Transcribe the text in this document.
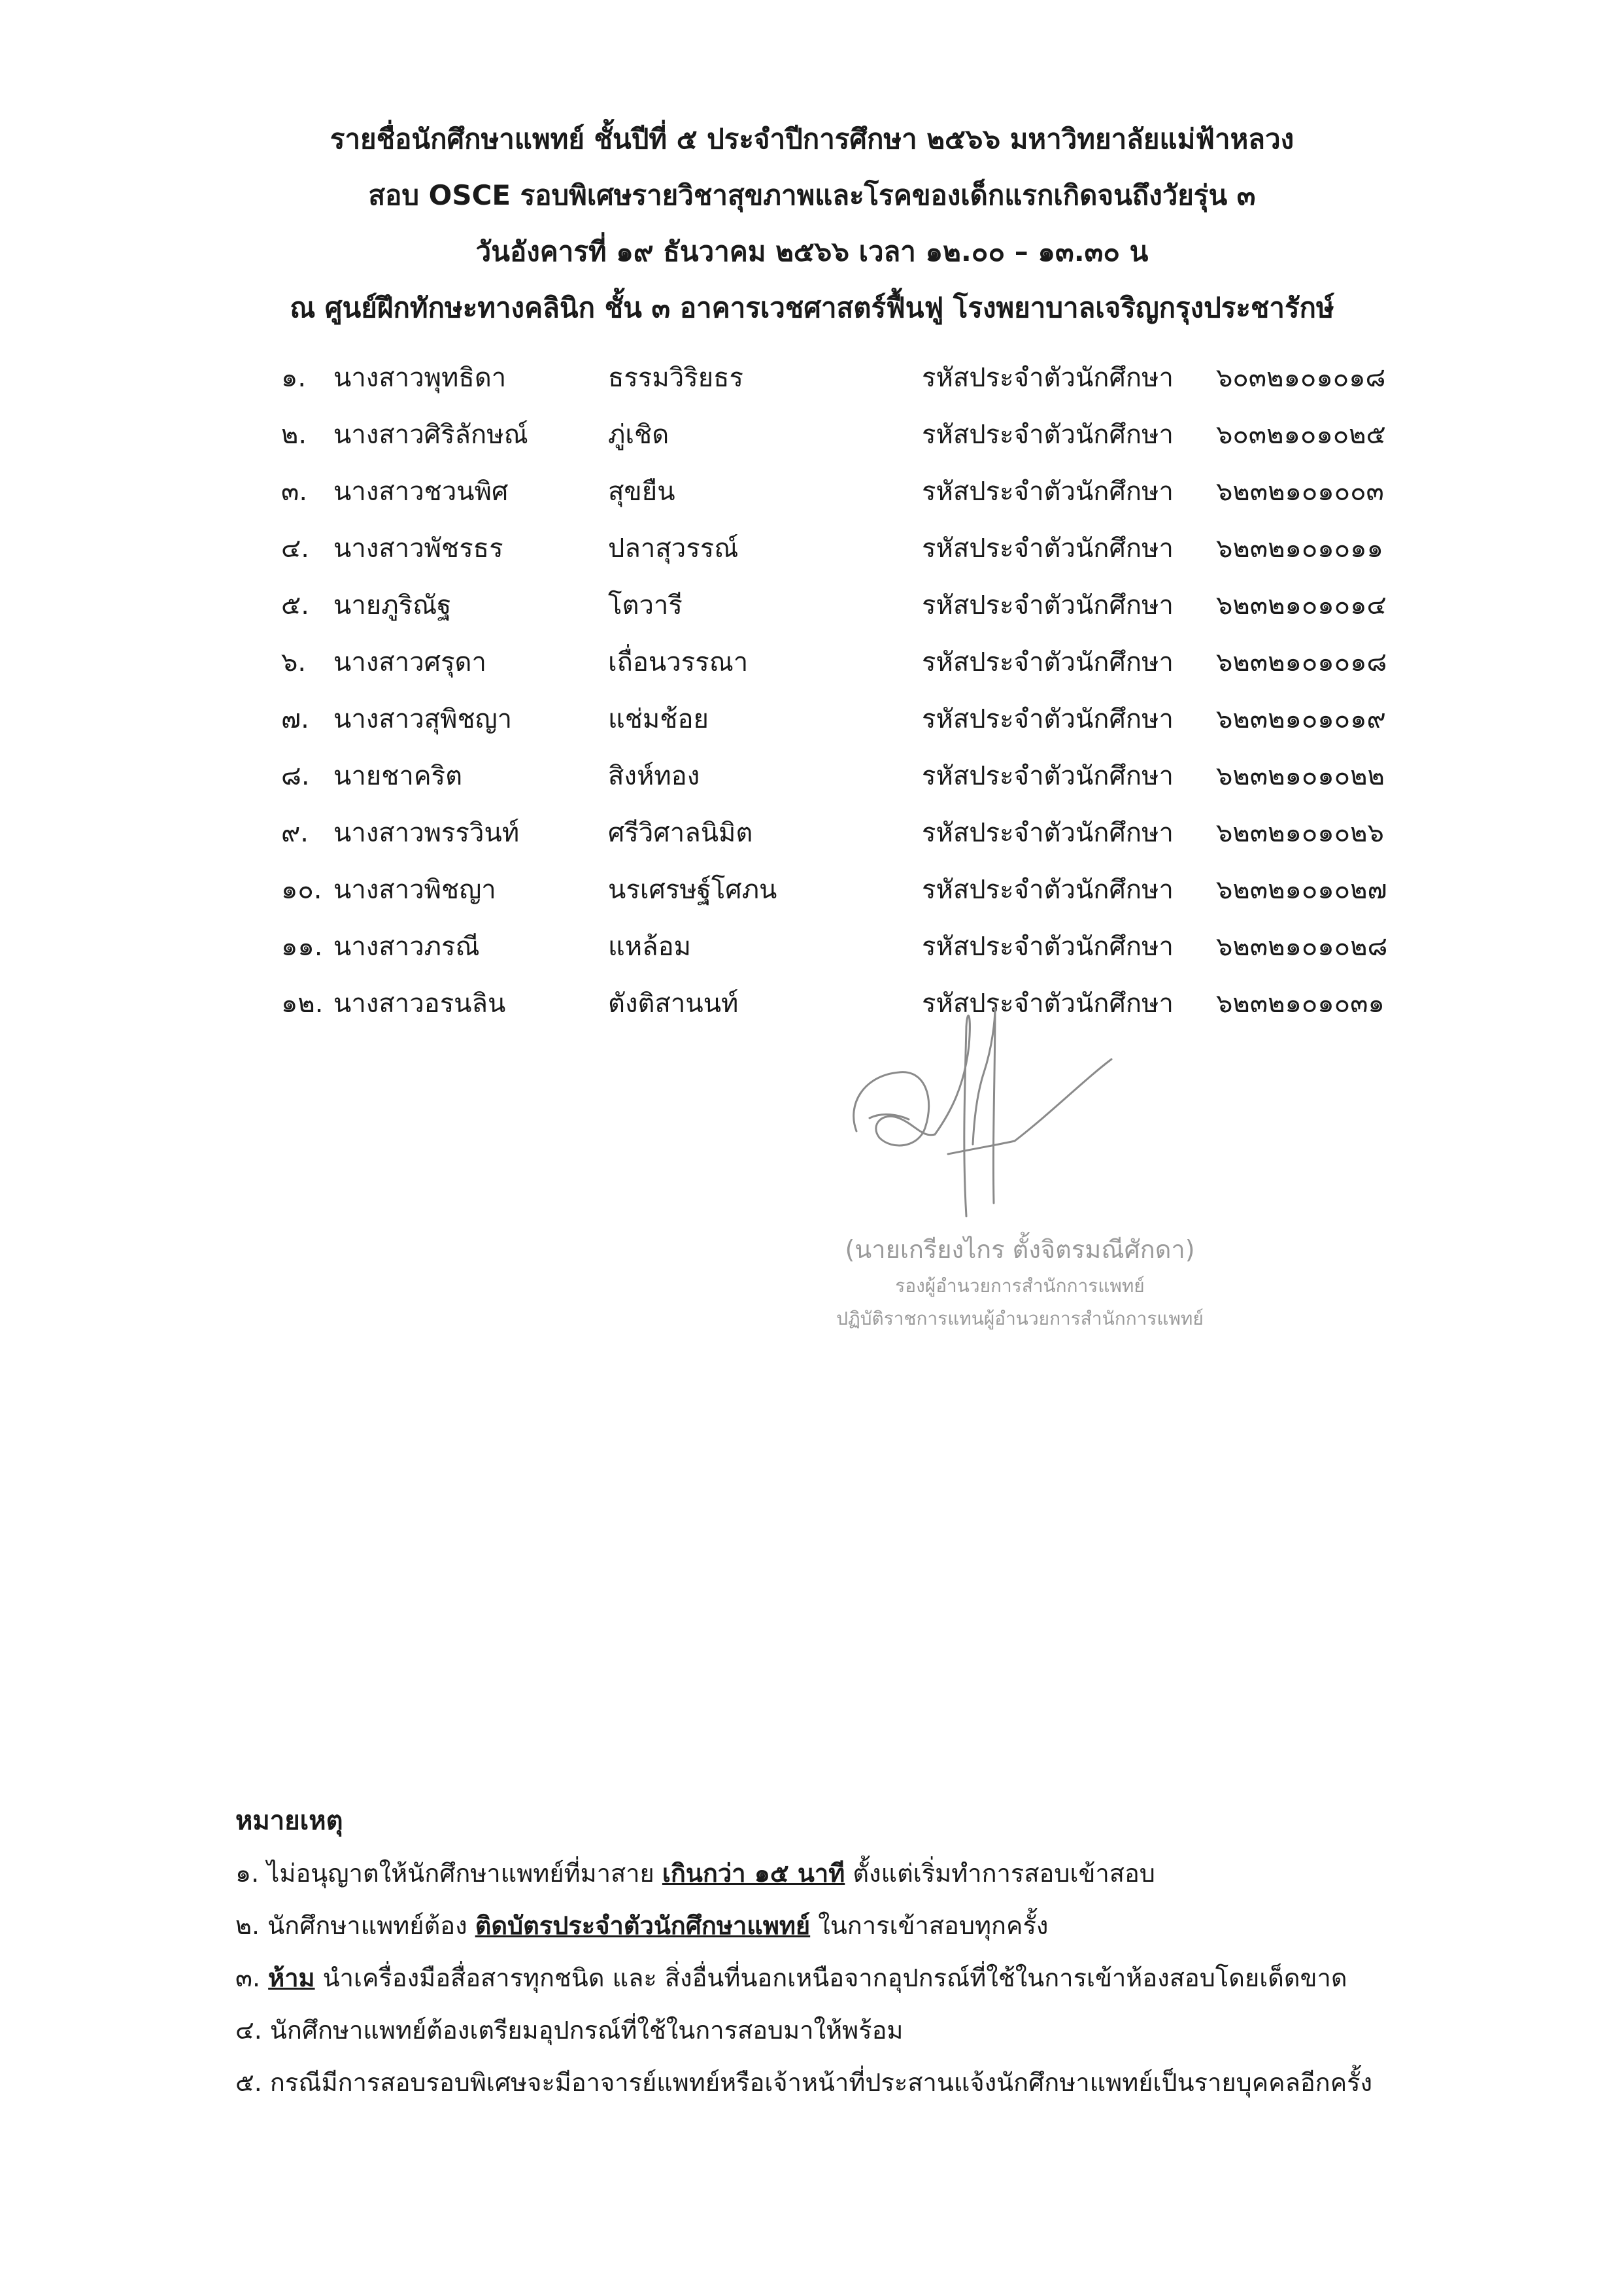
รายชื่อนักศึกษาแพทย์ ชั้นปีที่ ๕ ประจำปีการศึกษา ๒๕๖๖ มหาวิทยาลัยแม่ฟ้าหลวง
สอบ OSCE รอบพิเศษรายวิชาสุขภาพและโรคของเด็กแรกเกิดจนถึงวัยรุ่น ๓
วันอังคารที่ ๑๙ ธันวาคม ๒๕๖๖ เวลา ๑๒.๐๐ – ๑๓.๓๐ น
ณ ศูนย์ฝึกทักษะทางคลินิก ชั้น ๓ อาคารเวชศาสตร์ฟื้นฟู โรงพยาบาลเจริญกรุงประชารักษ์
๑. นางสาวพุทธิดา	ธรรมวิริยธร	รหัสประจำตัวนักศึกษา ๖๐๓๒๑๐๑๐๑๘
๒. นางสาวศิริลักษณ์	ภู่เชิด	รหัสประจำตัวนักศึกษา ๖๐๓๒๑๐๑๐๒๕
๓. นางสาวชวนพิศ	สุขยืน	รหัสประจำตัวนักศึกษา ๖๒๓๒๑๐๑๐๐๓
๔. นางสาวพัชรธร	ปลาสุวรรณ์	รหัสประจำตัวนักศึกษา ๖๒๓๒๑๐๑๐๑๑
๕. นายภูริณัฐ	โตวารี	รหัสประจำตัวนักศึกษา ๖๒๓๒๑๐๑๐๑๔
๖. นางสาวศรุดา	เถื่อนวรรณา	รหัสประจำตัวนักศึกษา ๖๒๓๒๑๐๑๐๑๘
๗. นางสาวสุพิชญา	แช่มช้อย	รหัสประจำตัวนักศึกษา ๖๒๓๒๑๐๑๐๑๙
๘. นายชาคริต	สิงห์ทอง	รหัสประจำตัวนักศึกษา ๖๒๓๒๑๐๑๐๒๒
๙. นางสาวพรรวินท์	ศรีวิศาลนิมิต	รหัสประจำตัวนักศึกษา ๖๒๓๒๑๐๑๐๒๖
๑๐. นางสาวพิชญา	นรเศรษฐ์โศภน	รหัสประจำตัวนักศึกษา ๖๒๓๒๑๐๑๐๒๗
๑๑. นางสาวภรณี	แหล้อม	รหัสประจำตัวนักศึกษา ๖๒๓๒๑๐๑๐๒๘
๑๒. นางสาวอรนลิน	ตังติสานนท์	รหัสประจำตัวนักศึกษา ๖๒๓๒๑๐๑๐๓๑
(นายเกรียงไกร ตั้งจิตรมณีศักดา)
รองผู้อำนวยการสำนักการแพทย์
ปฏิบัติราชการแทนผู้อำนวยการสำนักการแพทย์
หมายเหตุ
๑. ไม่อนุญาตให้นักศึกษาแพทย์ที่มาสาย เกินกว่า ๑๕ นาที ตั้งแต่เริ่มทำการสอบเข้าสอบ
๒. นักศึกษาแพทย์ต้อง ติดบัตรประจำตัวนักศึกษาแพทย์ ในการเข้าสอบทุกครั้ง
๓. ห้าม นำเครื่องมือสื่อสารทุกชนิด และ สิ่งอื่นที่นอกเหนือจากอุปกรณ์ที่ใช้ในการเข้าห้องสอบโดยเด็ดขาด
๔. นักศึกษาแพทย์ต้องเตรียมอุปกรณ์ที่ใช้ในการสอบมาให้พร้อม
๕. กรณีมีการสอบรอบพิเศษจะมีอาจารย์แพทย์หรือเจ้าหน้าที่ประสานแจ้งนักศึกษาแพทย์เป็นรายบุคคลอีกครั้ง
